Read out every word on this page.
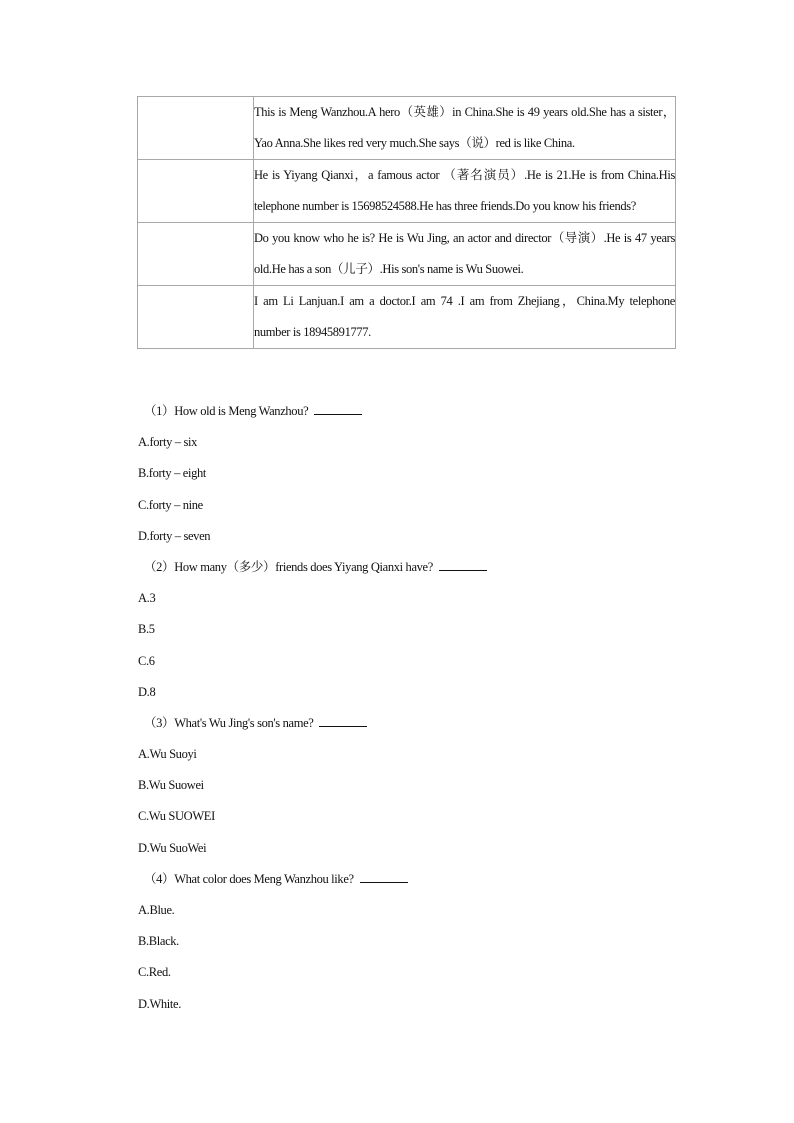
	This is Meng Wanzhou.A hero（英雄）in China.She is 49 years old.She has a sister，Yao Anna.She likes red very much.She says（说）red is like China.
	He is Yiyang Qianxi，a famous actor （著名演员）.He is 21.He is from China.His telephone number is 15698524588.He has three friends.Do you know his friends?
	Do you know who he is? He is Wu Jing, an actor and director（导演）.He is 47 years old.He has a son（儿子）.His son's name is Wu Suowei.
	I am Li Lanjuan.I am a doctor.I am 74 .I am from Zhejiang，China.My telephone number is 18945891777.
（1）How old is Meng Wanzhou?
A.forty – six
B.forty – eight
C.forty – nine
D.forty – seven
（2）How many（多少）friends does Yiyang Qianxi have?
A.3
B.5
C.6
D.8
（3）What's Wu Jing's son's name?
A.Wu Suoyi
B.Wu Suowei
C.Wu SUOWEI
D.Wu SuoWei
（4）What color does Meng Wanzhou like?
A.Blue.
B.Black.
C.Red.
D.White.
